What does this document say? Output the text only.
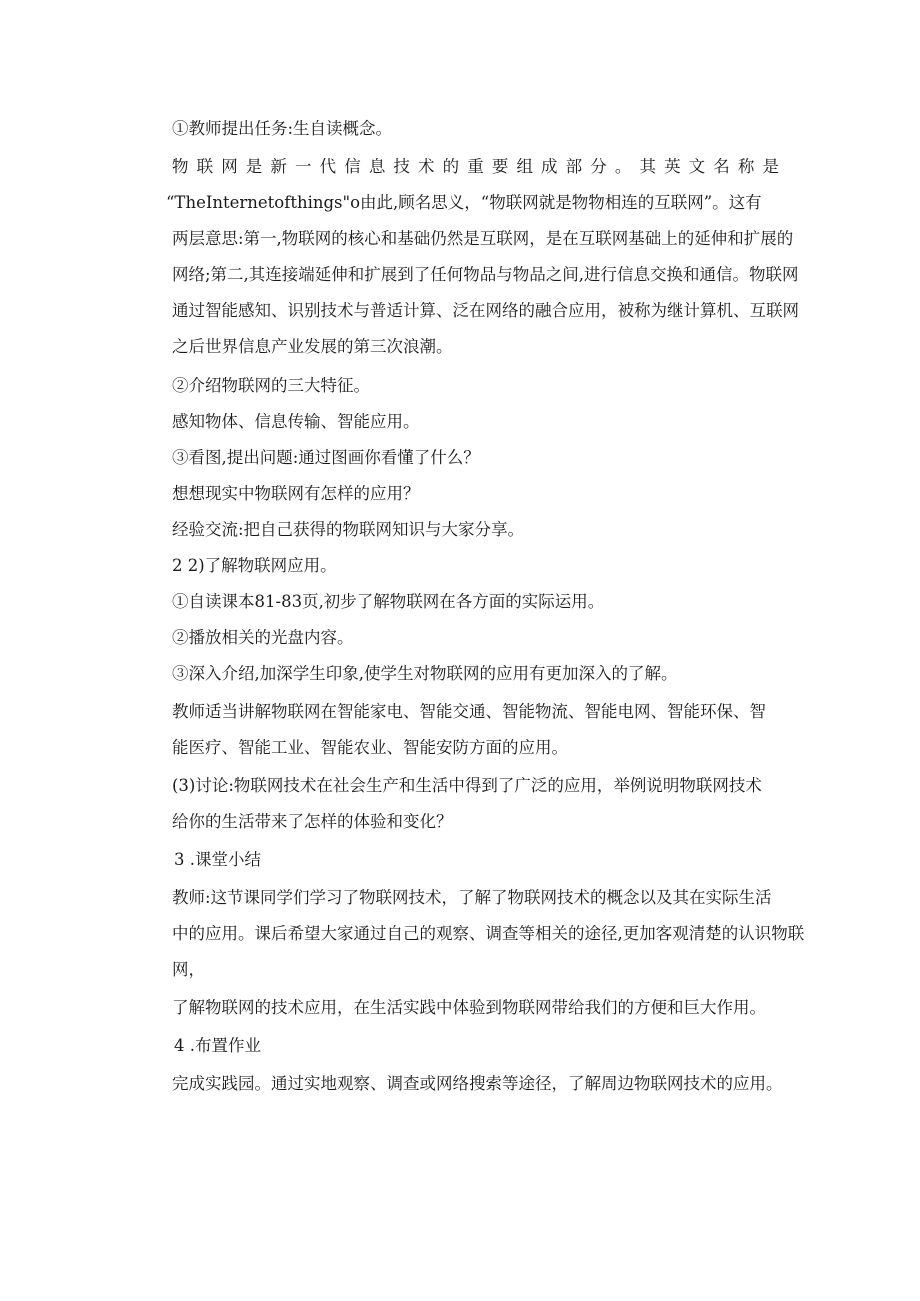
①教师提出任务:生自读概念。
物联网是新一代信息技术的重要组成部分。其英文名称是
“TheInternetofthings"o由此,顾名思义，“物联网就是物物相连的互联网”。这有
两层意思:第一,物联网的核心和基础仍然是互联网，是在互联网基础上的延伸和扩展的
网络;第二,其连接端延伸和扩展到了任何物品与物品之间,进行信息交换和通信。物联网
通过智能感知、识别技术与普适计算、泛在网络的融合应用，被称为继计算机、互联网
之后世界信息产业发展的第三次浪潮。
②介绍物联网的三大特征。
感知物体、信息传输、智能应用。
③看图,提出问题:通过图画你看懂了什么？
想想现实中物联网有怎样的应用？
经验交流:把自己获得的物联网知识与大家分享。
2 2)了解物联网应用。
①自读课本81-83页,初步了解物联网在各方面的实际运用。
②播放相关的光盘内容。
③深入介绍,加深学生印象,使学生对物联网的应用有更加深入的了解。
教师适当讲解物联网在智能家电、智能交通、智能物流、智能电网、智能环保、智
能医疗、智能工业、智能农业、智能安防方面的应用。
(3)讨论:物联网技术在社会生产和生活中得到了广泛的应用，举例说明物联网技术
给你的生活带来了怎样的体验和变化？
3 .课堂小结
教师:这节课同学们学习了物联网技术，了解了物联网技术的概念以及其在实际生活
中的应用。课后希望大家通过自己的观察、调查等相关的途径,更加客观清楚的认识物联
网，
了解物联网的技术应用，在生活实践中体验到物联网带给我们的方便和巨大作用。
4 .布置作业
完成实践园。通过实地观察、调查或网络搜索等途径，了解周边物联网技术的应用。
